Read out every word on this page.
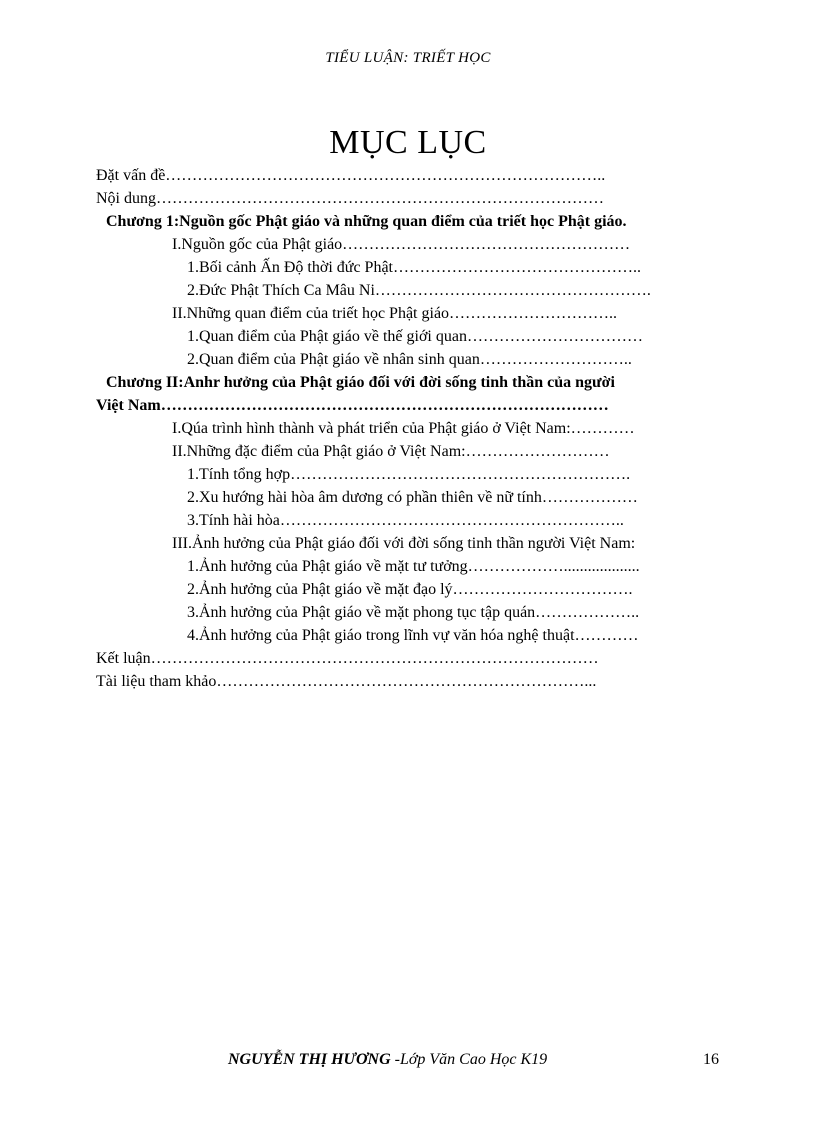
TIỂU LUẬN: TRIẾT HỌC
MỤC LỤC
Đặt vấn đề………………………………………………………………………..
Nội dung…………………………………………………………………………
Chương 1:Nguồn gốc Phật giáo và những quan điểm của triết học Phật giáo.
I.Nguồn gốc của Phật giáo………………………………………………
1.Bối cảnh Ấn Độ thời đức Phật………………………………………..
2.Đức Phật Thích Ca Mâu Ni…………………………………………….
II.Những quan điểm của triết học Phật giáo…………………………..
1.Quan điểm của Phật giáo về thế giới quan……………………………
2.Quan điểm của Phật giáo về nhân sinh quan………………………..
Chương II:Anhr hưởng của Phật giáo đối với đời sống tinh thần của người
Việt Nam…………………………………………………………………………
I.Qúa trình hình thành và phát triển của Phật giáo ở Việt Nam:…………
II.Những đặc điểm của Phật giáo ở Việt Nam:………………………
1.Tính tổng hợp……………………………………………………….
2.Xu hướng hài hòa âm dương có phần thiên về nữ tính………………
3.Tính hài hòa………………………………………………………..
III.Ảnh hưởng của Phật giáo đối với đời sống tinh thần người Việt Nam:
1.Ảnh hưởng của Phật giáo về mặt tư tưởng………………...................
2.Ảnh hưởng của Phật giáo về mặt đạo lý…………………………….
3.Ảnh hưởng của Phật giáo về mặt phong tục tập quán………………..
4.Ảnh hưởng của Phật giáo trong lĩnh vự văn hóa nghệ thuật…………
Kết luận…………………………………………………………………………
Tài liệu tham khảo……………………………………………………………...
NGUYỄN THỊ HƯƠNG -Lớp Văn Cao Học K19	16
